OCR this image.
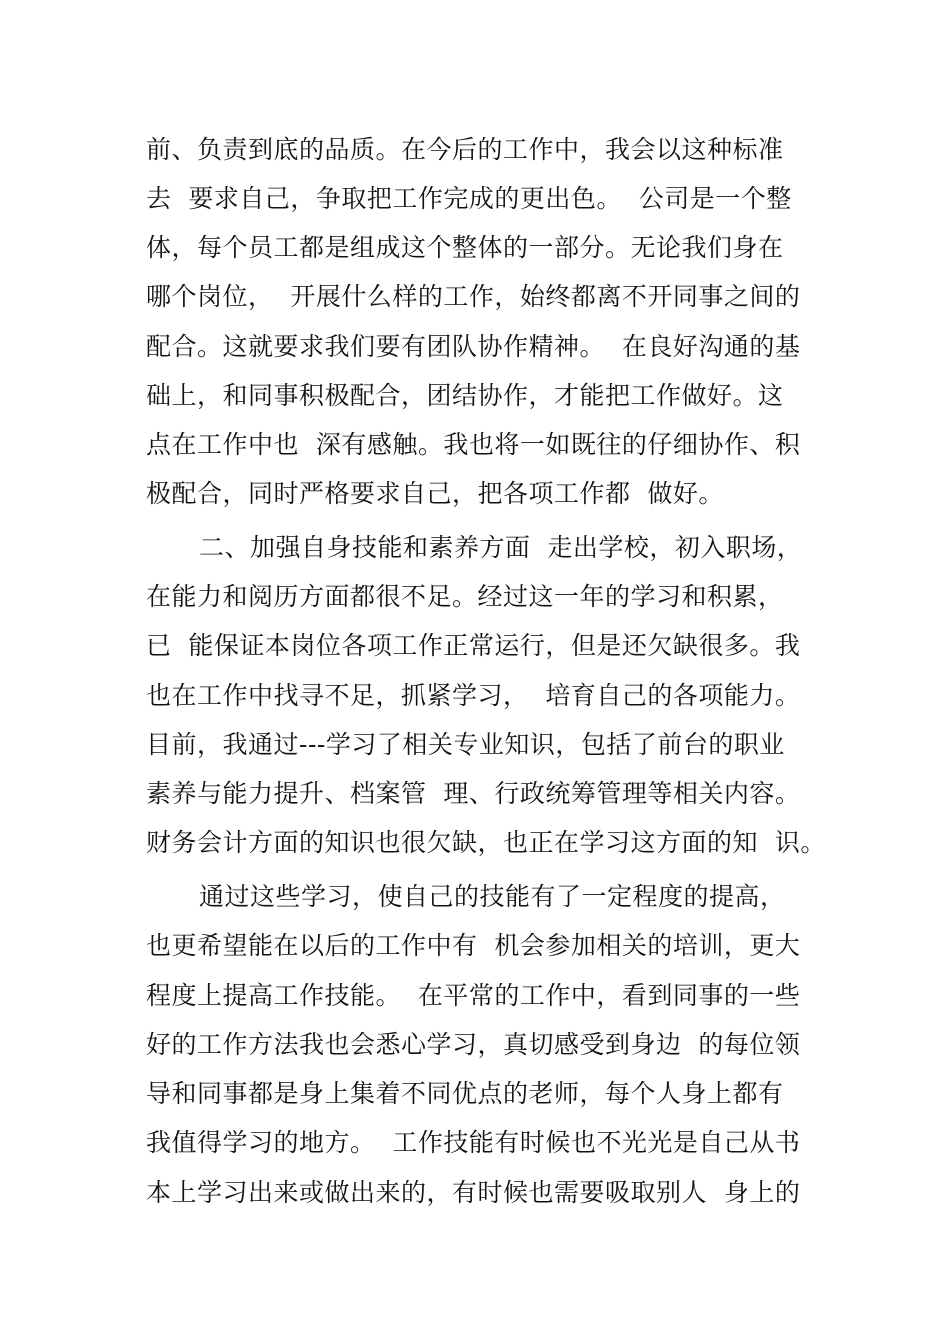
前、负责到底的品质。在今后的工作中，我会以这种标准
去  要求自己，争取把工作完成的更出色。  公司是一个整
体，每个员工都是组成这个整体的一部分。无论我们身在
哪个岗位，  开展什么样的工作，始终都离不开同事之间的
配合。这就要求我们要有团队协作精神。  在良好沟通的基
础上，和同事积极配合，团结协作，才能把工作做好。这
点在工作中也  深有感触。我也将一如既往的仔细协作、积
极配合，同时严格要求自己，把各项工作都  做好。
二、加强自身技能和素养方面  走出学校，初入职场，
在能力和阅历方面都很不足。经过这一年的学习和积累，
已  能保证本岗位各项工作正常运行，但是还欠缺很多。我
也在工作中找寻不足，抓紧学习，  培育自己的各项能力。
目前，我通过---学习了相关专业知识，包括了前台的职业
素养与能力提升、档案管  理、行政统筹管理等相关内容。
财务会计方面的知识也很欠缺，也正在学习这方面的知  识。
通过这些学习，使自己的技能有了一定程度的提高，
也更希望能在以后的工作中有  机会参加相关的培训，更大
程度上提高工作技能。  在平常的工作中，看到同事的一些
好的工作方法我也会悉心学习，真切感受到身边  的每位领
导和同事都是身上集着不同优点的老师，每个人身上都有
我值得学习的地方。  工作技能有时候也不光光是自己从书
本上学习出来或做出来的，有时候也需要吸取别人  身上的
